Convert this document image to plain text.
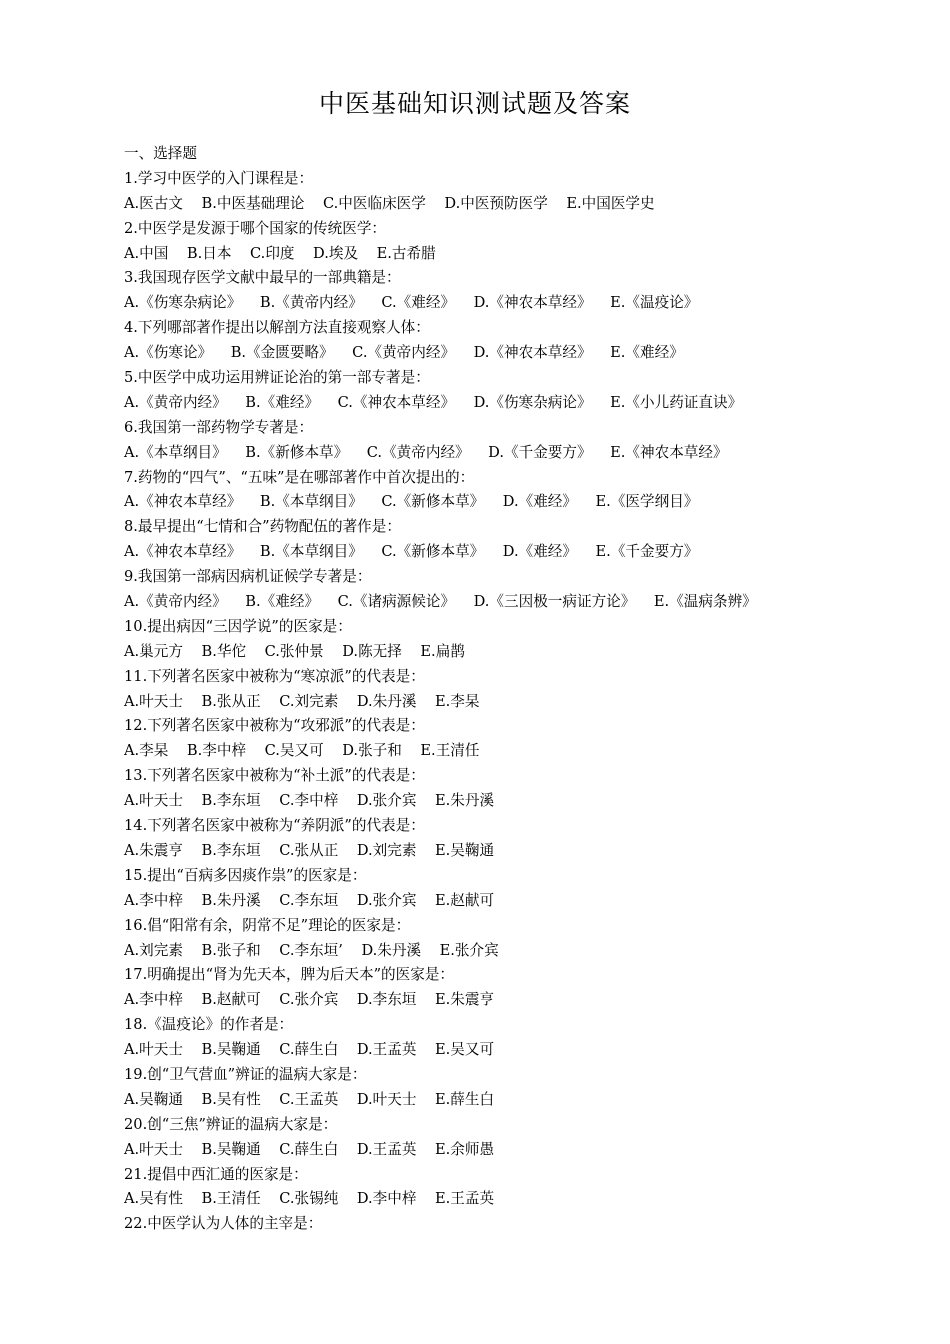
中医基础知识测试题及答案
一、选择题
1.学习中医学的入门课程是：
A.医古文    B.中医基础理论    C.中医临床医学    D.中医预防医学    E.中国医学史
2.中医学是发源于哪个国家的传统医学：
A.中国    B.日本    C.印度    D.埃及    E.古希腊
3.我国现存医学文献中最早的一部典籍是：
A.《伤寒杂病论》    B.《黄帝内经》    C.《难经》    D.《神农本草经》    E.《温疫论》
4.下列哪部著作提出以解剖方法直接观察人体：
A.《伤寒论》    B.《金匮要略》    C.《黄帝内经》    D.《神农本草经》    E.《难经》
5.中医学中成功运用辨证论治的第一部专著是：
A.《黄帝内经》    B.《难经》    C.《神农本草经》    D.《伤寒杂病论》    E.《小儿药证直诀》
6.我国第一部药物学专著是：
A.《本草纲目》    B.《新修本草》    C.《黄帝内经》    D.《千金要方》    E.《神农本草经》
7.药物的“四气”、“五味”是在哪部著作中首次提出的：
A.《神农本草经》    B.《本草纲目》    C.《新修本草》    D.《难经》    E.《医学纲目》
8.最早提出“七情和合”药物配伍的著作是：
A.《神农本草经》    B.《本草纲目》    C.《新修本草》    D.《难经》    E.《千金要方》
9.我国第一部病因病机证候学专著是：
A.《黄帝内经》    B.《难经》    C.《诸病源候论》    D.《三因极一病证方论》    E.《温病条辨》
10.提出病因“三因学说”的医家是：
A.巢元方    B.华佗    C.张仲景    D.陈无择    E.扁鹊
11.下列著名医家中被称为“寒凉派”的代表是：
A.叶天士    B.张从正    C.刘完素    D.朱丹溪    E.李杲
12.下列著名医家中被称为“攻邪派”的代表是：
A.李杲    B.李中梓    C.吴又可    D.张子和    E.王清任
13.下列著名医家中被称为“补土派”的代表是：
A.叶天士    B.李东垣    C.李中梓    D.张介宾    E.朱丹溪
14.下列著名医家中被称为“养阴派”的代表是：
A.朱震亨    B.李东垣    C.张从正    D.刘完素    E.吴鞠通
15.提出“百病多因痰作祟”的医家是：
A.李中梓    B.朱丹溪    C.李东垣    D.张介宾    E.赵献可
16.倡“阳常有余，阴常不足”理论的医家是：
A.刘完素    B.张子和    C.李东垣’    D.朱丹溪    E.张介宾
17.明确提出“肾为先天本，脾为后天本”的医家是：
A.李中梓    B.赵献可    C.张介宾    D.李东垣    E.朱震亨
18.《温疫论》的作者是：
A.叶天士    B.吴鞠通    C.薛生白    D.王孟英    E.吴又可
19.创“卫气营血”辨证的温病大家是：
A.吴鞠通    B.吴有性    C.王孟英    D.叶天士    E.薛生白
20.创“三焦”辨证的温病大家是：
A.叶天士    B.吴鞠通    C.薛生白    D.王孟英    E.余师愚
21.提倡中西汇通的医家是：
A.吴有性    B.王清任    C.张锡纯    D.李中梓    E.王孟英
22.中医学认为人体的主宰是：
